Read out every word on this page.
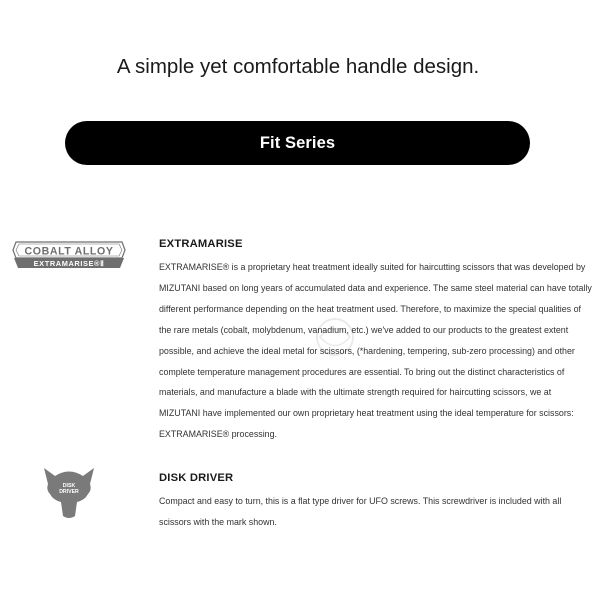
A simple yet comfortable handle design.
Fit Series
COBALT ALLOY
EXTRAMARISE®Ⅱ
EXTRAMARISE

EXTRAMARISE® is a proprietary heat treatment ideally suited for haircutting scissors that was developed by MIZUTANI based on long years of accumulated data and experience. The same steel material can have totally different performance depending on the heat treatment used. Therefore, to maximize the special qualities of the rare metals (cobalt, molybdenum, vanadium, etc.) we've added to our products to the greatest extent possible, and achieve the ideal metal for scissors, (*hardening, tempering, sub-zero processing) and other complete temperature management procedures are essential. To bring out the distinct characteristics of materials, and manufacture a blade with the ultimate strength required for haircutting scissors, we at MIZUTANI have implemented our own proprietary heat treatment using the ideal temperature for scissors: EXTRAMARISE® processing.

DISK
DRIVER
DISK DRIVER

Compact and easy to turn, this is a flat type driver for UFO screws. This screwdriver is included with all scissors with the mark shown.
